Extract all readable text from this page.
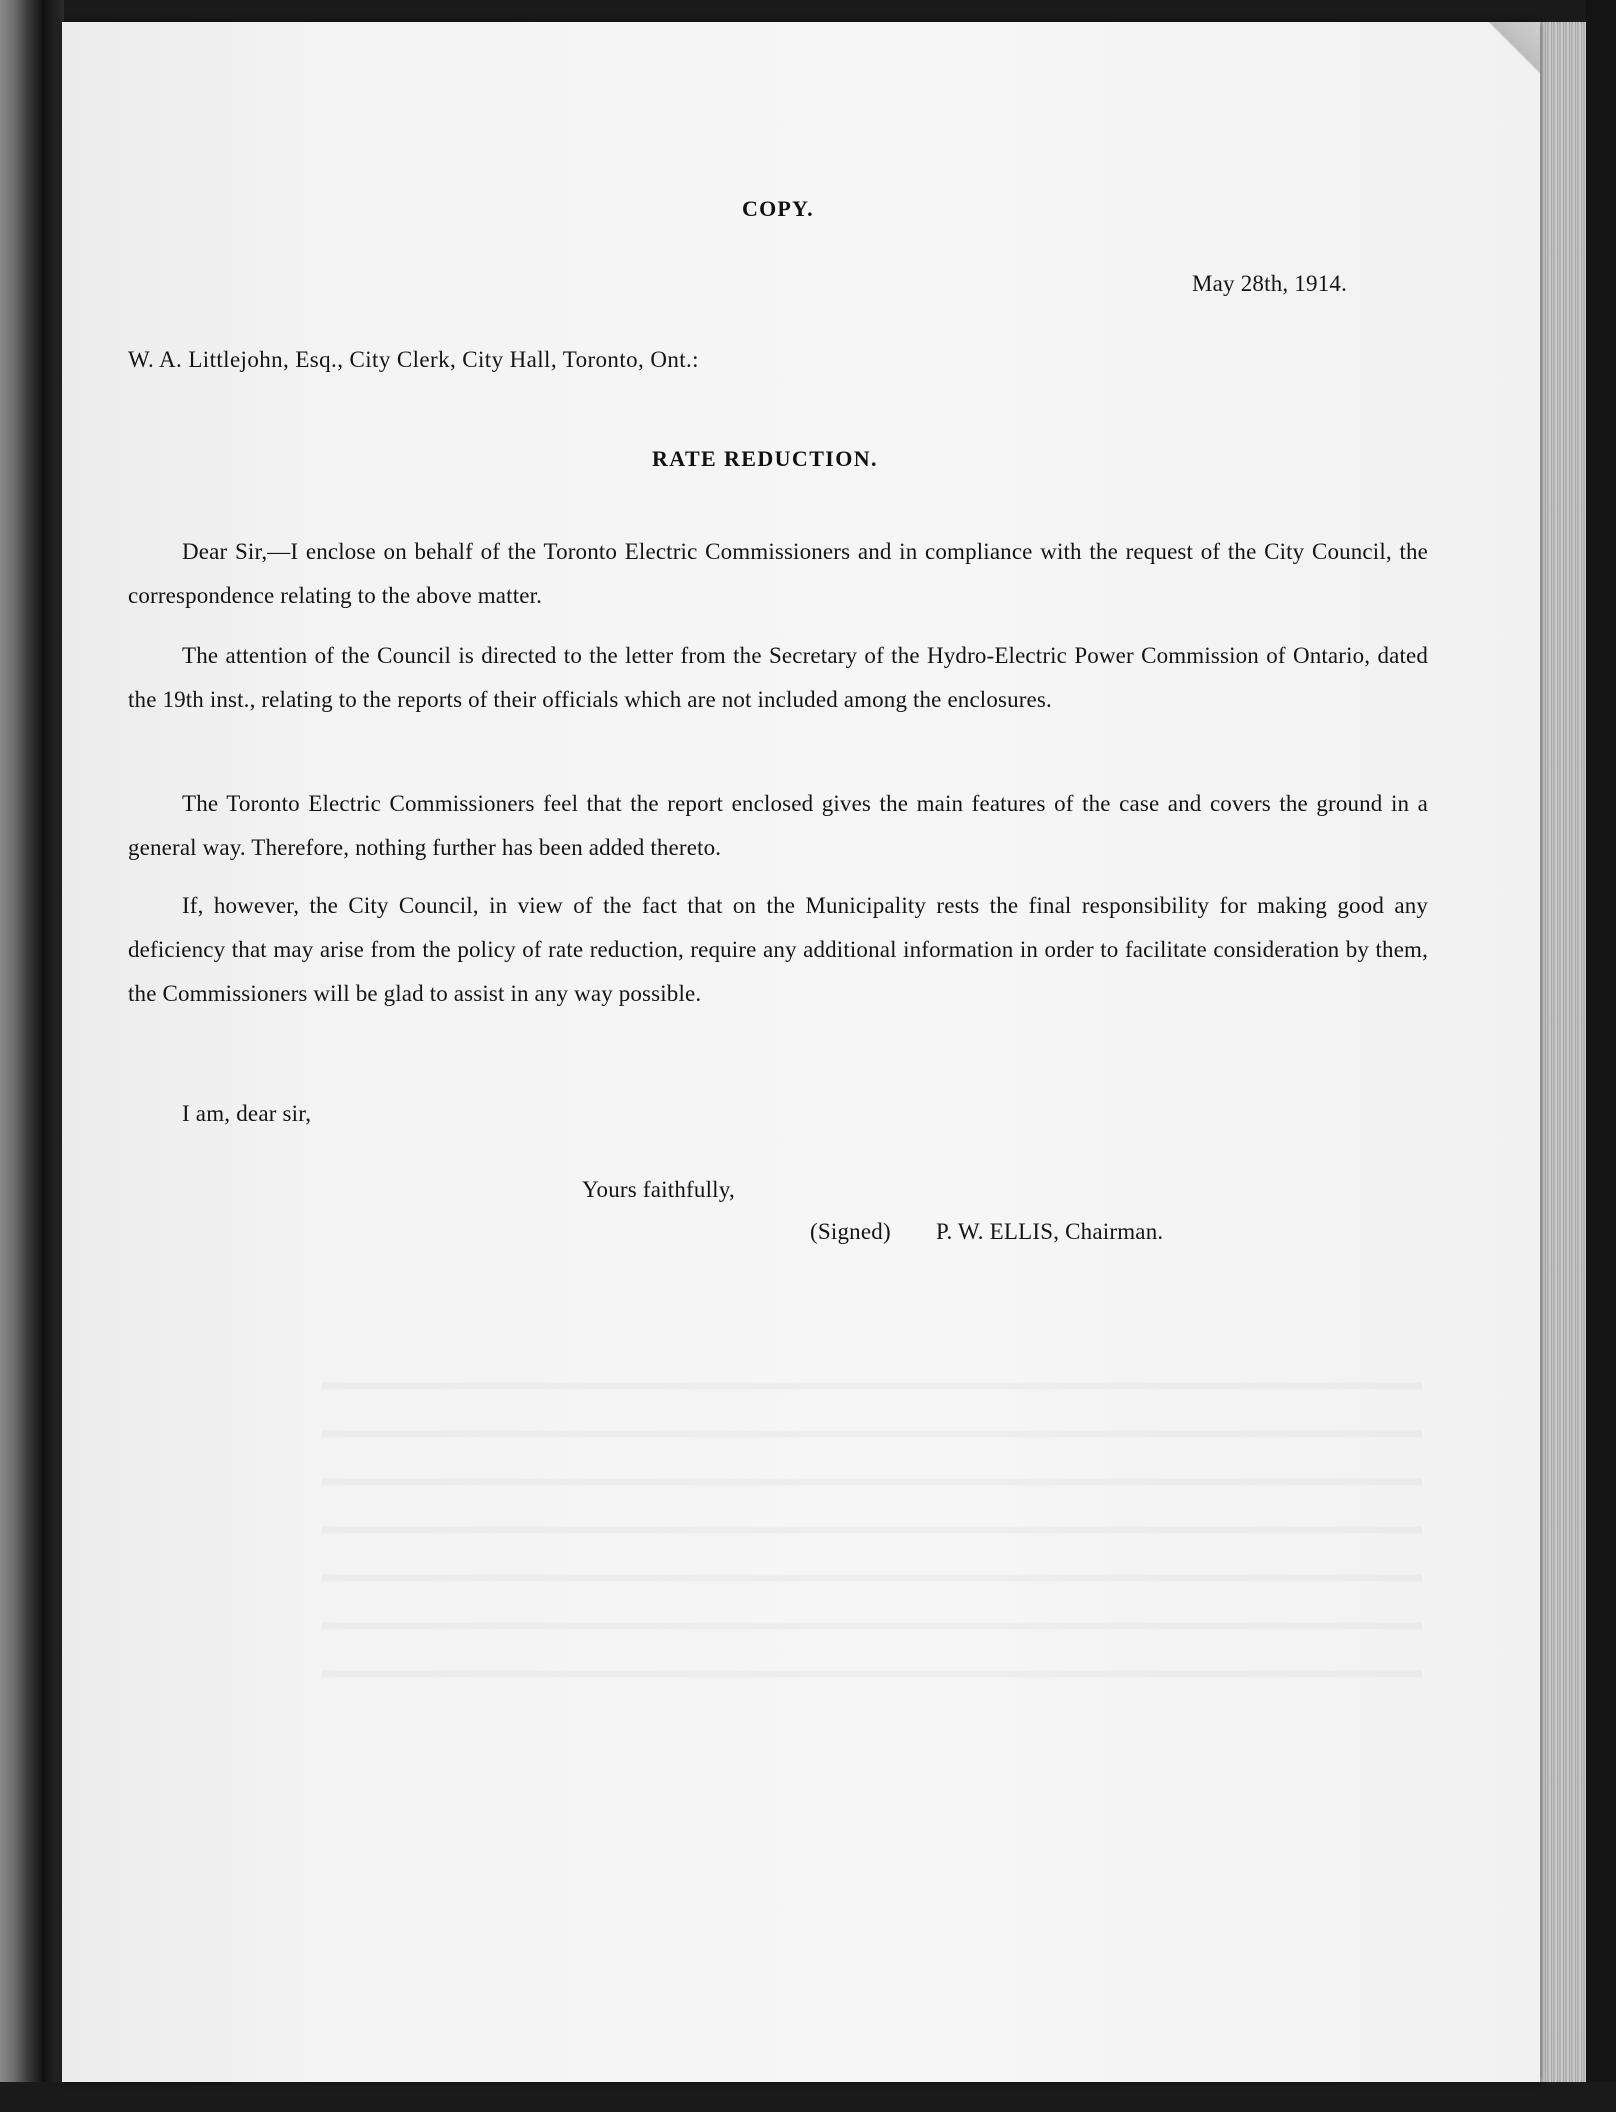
COPY.
May 28th, 1914.
W. A. Littlejohn, Esq., City Clerk, City Hall, Toronto, Ont.:
RATE REDUCTION.
Dear Sir,—I enclose on behalf of the Toronto Electric Commissioners and in compliance with the request of the City Council, the correspondence relating to the above matter.
The attention of the Council is directed to the letter from the Secretary of the Hydro-Electric Power Commission of Ontario, dated the 19th inst., relating to the reports of their officials which are not included among the enclosures.
The Toronto Electric Commissioners feel that the report enclosed gives the main features of the case and covers the ground in a general way. Therefore, nothing further has been added thereto.
If, however, the City Council, in view of the fact that on the Municipality rests the final responsibility for making good any deficiency that may arise from the policy of rate reduction, require any additional information in order to facilitate consideration by them, the Commissioners will be glad to assist in any way possible.
I am, dear sir,
Yours faithfully,
(Signed) P. W. ELLIS, Chairman.
